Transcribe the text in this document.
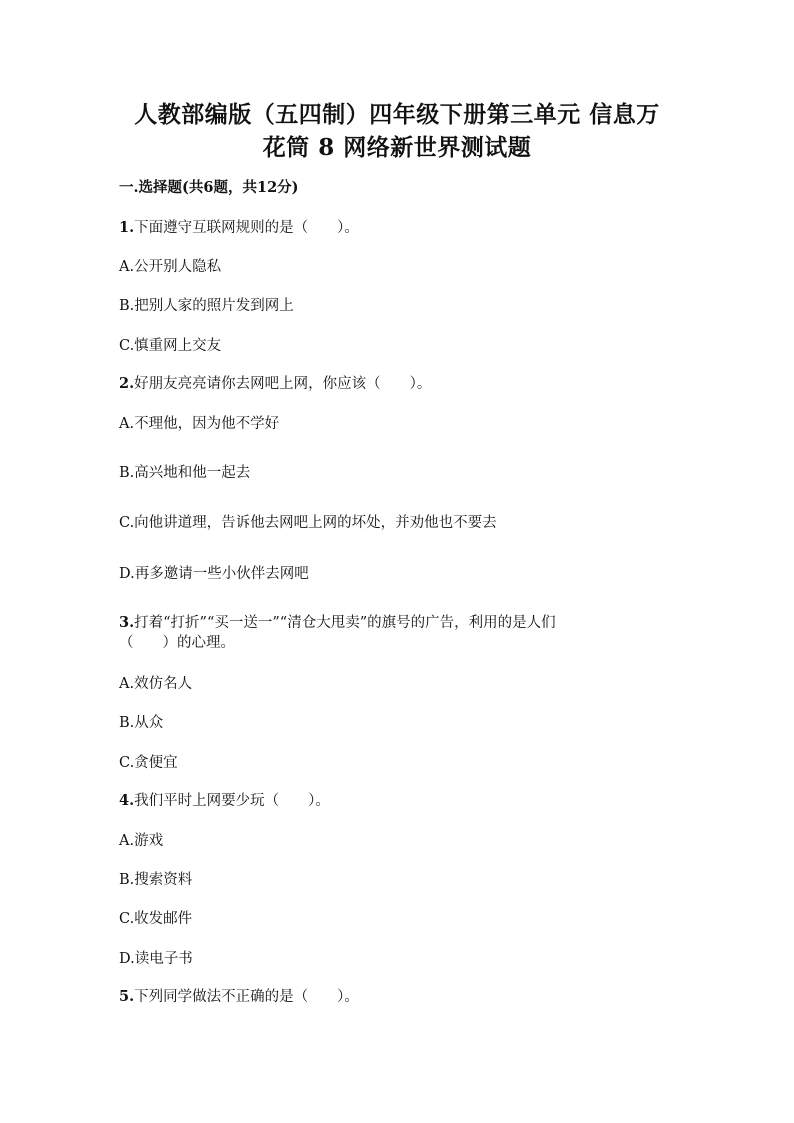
人教部编版（五四制）四年级下册第三单元 信息万
花筒 8 网络新世界测试题
一.选择题(共6题，共12分)
1.下面遵守互联网规则的是（　　）。
A.公开别人隐私
B.把别人家的照片发到网上
C.慎重网上交友
2.好朋友亮亮请你去网吧上网，你应该（　　）。
A.不理他，因为他不学好
B.高兴地和他一起去
C.向他讲道理，告诉他去网吧上网的坏处，并劝他也不要去
D.再多邀请一些小伙伴去网吧
3.打着“打折”“买一送一”“清仓大甩卖”的旗号的广告，利用的是人们
（　　）的心理。
A.效仿名人
B.从众
C.贪便宜
4.我们平时上网要少玩（　　）。
A.游戏
B.搜索资料
C.收发邮件
D.读电子书
5.下列同学做法不正确的是（　　）。
